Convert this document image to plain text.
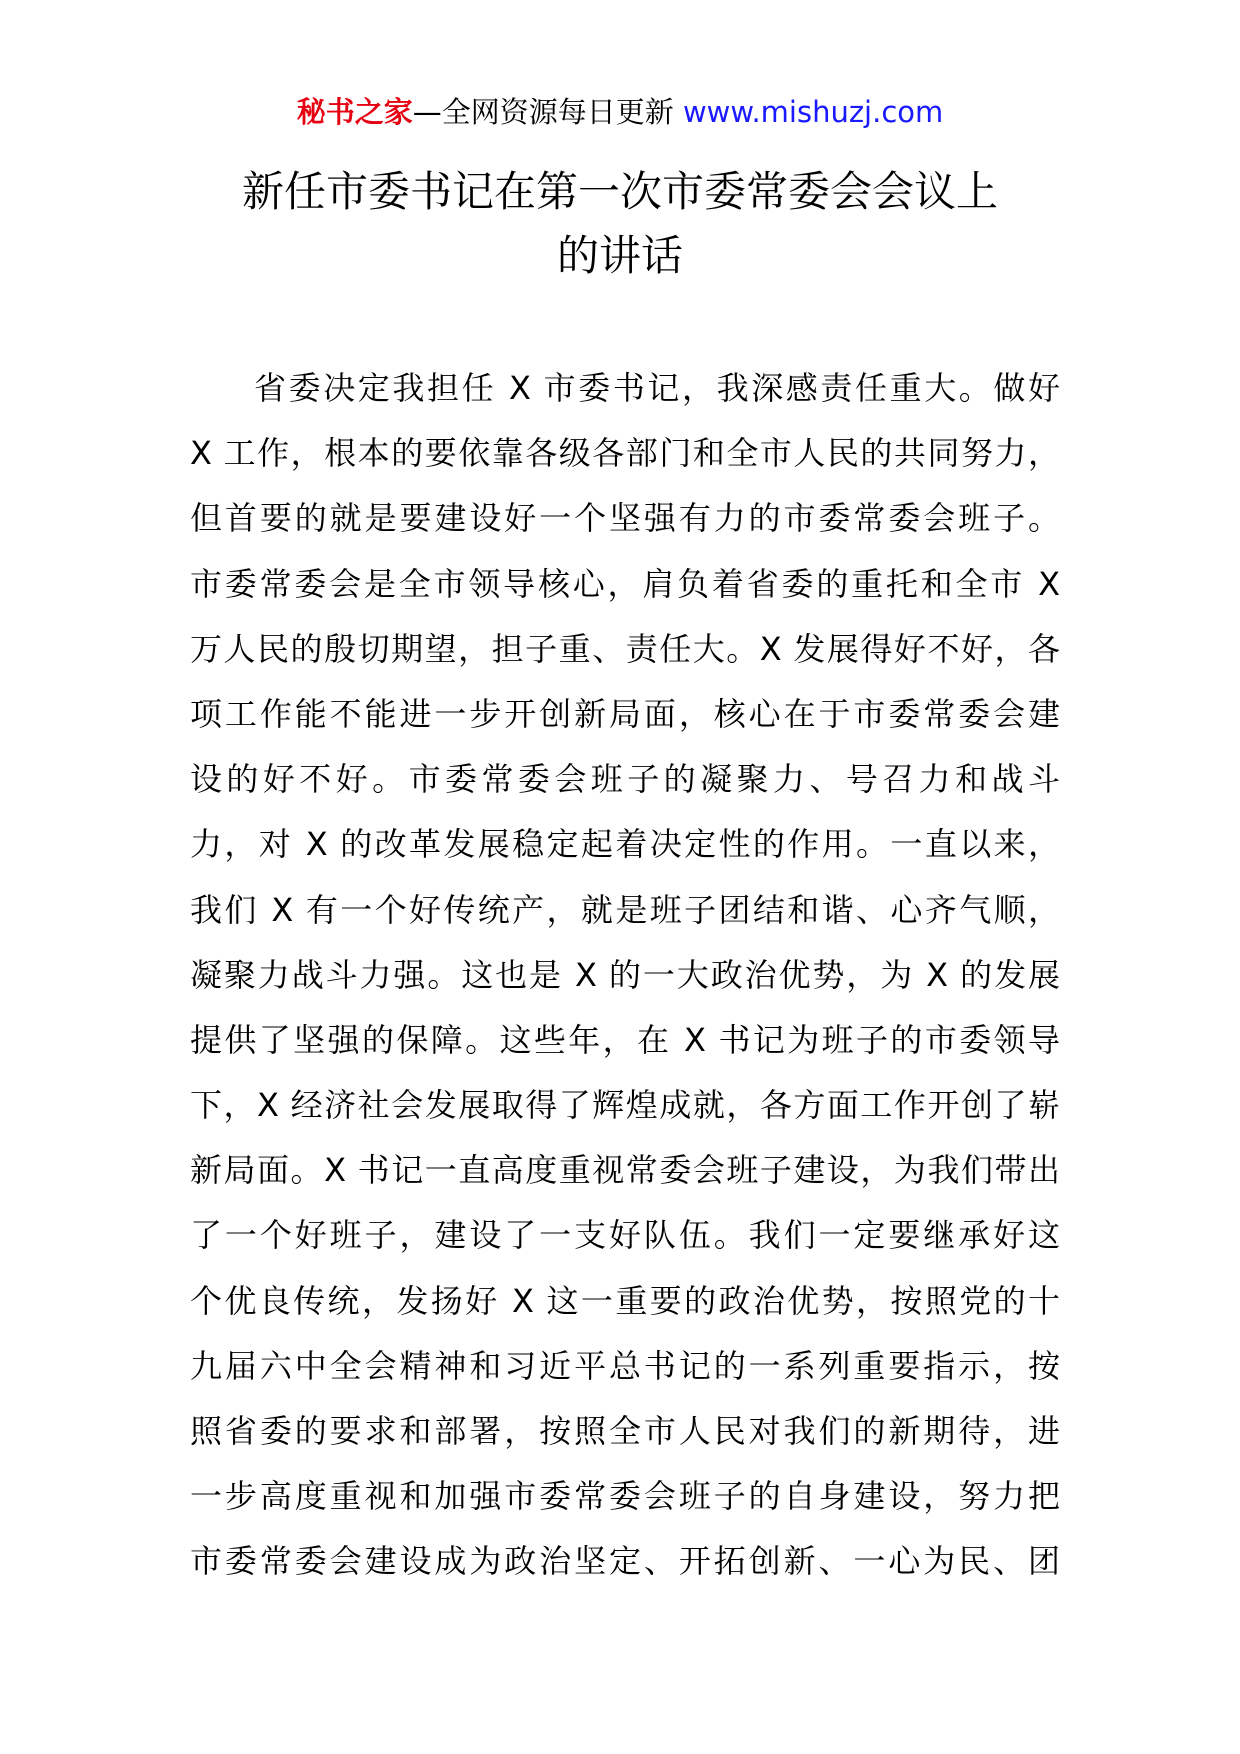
秘书之家—全网资源每日更新 www.mishuzj.com
新任市委书记在第一次市委常委会会议上
的讲话
省委决定我担任 X 市委书记，我深感责任重大。做好
X 工作，根本的要依靠各级各部门和全市人民的共同努力，
但首要的就是要建设好一个坚强有力的市委常委会班子。
市委常委会是全市领导核心，肩负着省委的重托和全市 X
万人民的殷切期望，担子重、责任大。X 发展得好不好，各
项工作能不能进一步开创新局面，核心在于市委常委会建
设的好不好。市委常委会班子的凝聚力、号召力和战斗
力，对 X 的改革发展稳定起着决定性的作用。一直以来，
我们 X 有一个好传统产，就是班子团结和谐、心齐气顺，
凝聚力战斗力强。这也是 X 的一大政治优势，为 X 的发展
提供了坚强的保障。这些年，在 X 书记为班子的市委领导
下，X 经济社会发展取得了辉煌成就，各方面工作开创了崭
新局面。X 书记一直高度重视常委会班子建设，为我们带出
了一个好班子，建设了一支好队伍。我们一定要继承好这
个优良传统，发扬好 X 这一重要的政治优势，按照党的十
九届六中全会精神和习近平总书记的一系列重要指示，按
照省委的要求和部署，按照全市人民对我们的新期待，进
一步高度重视和加强市委常委会班子的自身建设，努力把
市委常委会建设成为政治坚定、开拓创新、一心为民、团
